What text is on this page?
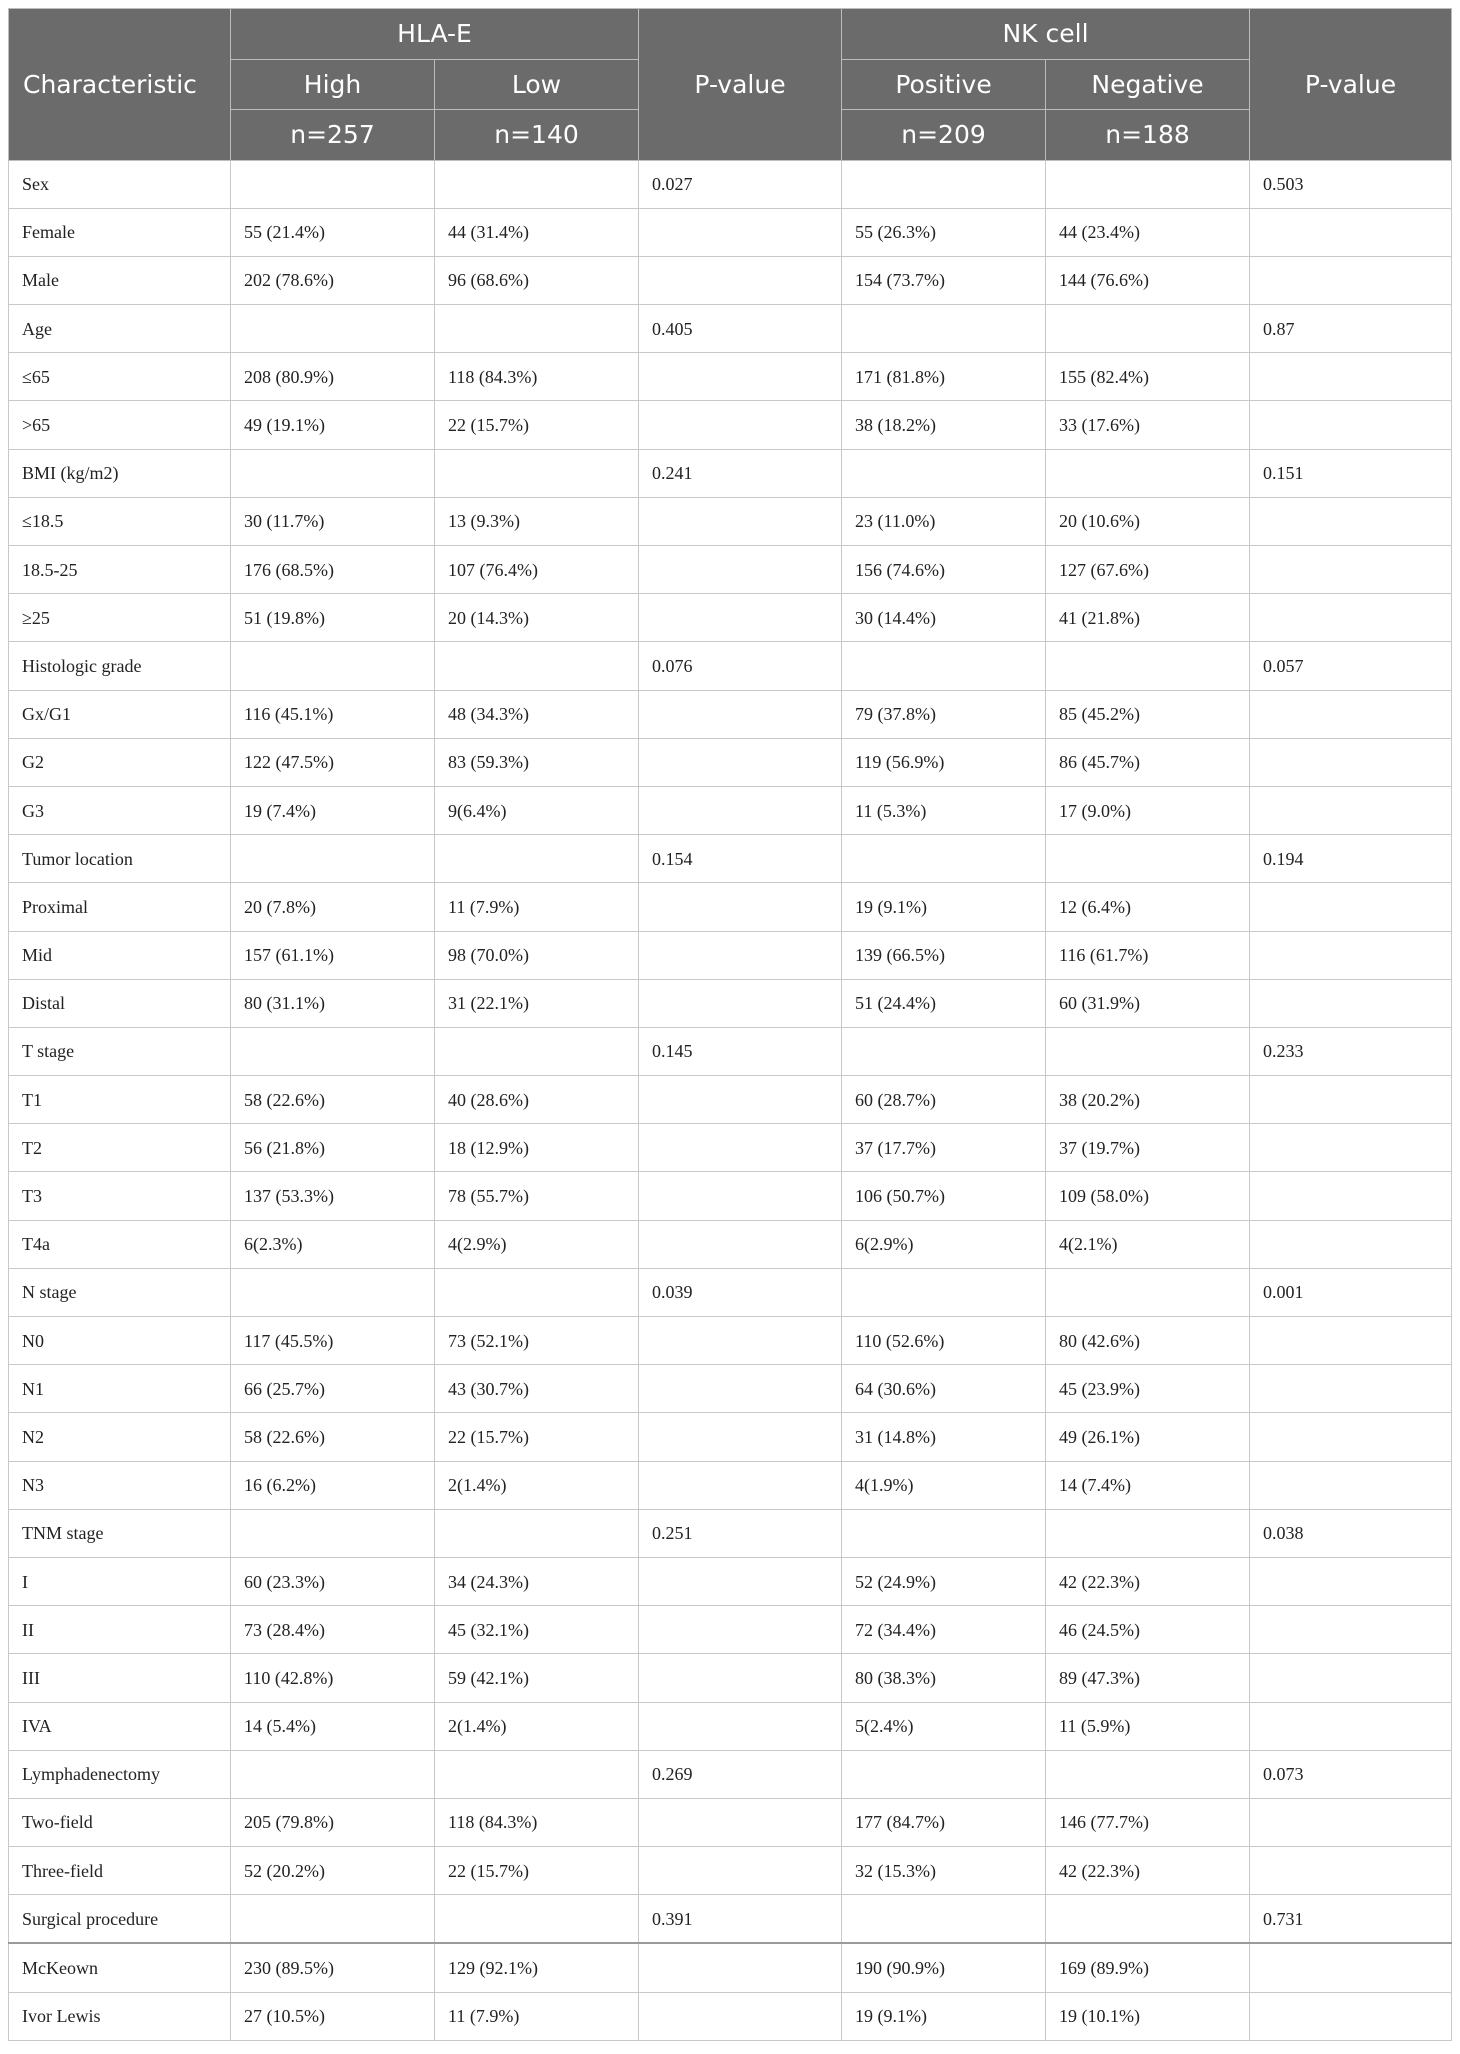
Characteristic	HLA-E		P-value	NK cell		P-value
	High	Low		Positive	Negative	
	n=257	n=140		n=209	n=188	
Sex			0.027			0.503
Female	55 (21.4%)	44 (31.4%)		55 (26.3%)	44 (23.4%)	
Male	202 (78.6%)	96 (68.6%)		154 (73.7%)	144 (76.6%)	
Age			0.405			0.87
≤65	208 (80.9%)	118 (84.3%)		171 (81.8%)	155 (82.4%)	
>65	49 (19.1%)	22 (15.7%)		38 (18.2%)	33 (17.6%)	
BMI (kg/m2)			0.241			0.151
≤18.5	30 (11.7%)	13 (9.3%)		23 (11.0%)	20 (10.6%)	
18.5-25	176 (68.5%)	107 (76.4%)		156 (74.6%)	127 (67.6%)	
≥25	51 (19.8%)	20 (14.3%)		30 (14.4%)	41 (21.8%)	
Histologic grade			0.076			0.057
Gx/G1	116 (45.1%)	48 (34.3%)		79 (37.8%)	85 (45.2%)	
G2	122 (47.5%)	83 (59.3%)		119 (56.9%)	86 (45.7%)	
G3	19 (7.4%)	9(6.4%)		11 (5.3%)	17 (9.0%)	
Tumor location			0.154			0.194
Proximal	20 (7.8%)	11 (7.9%)		19 (9.1%)	12 (6.4%)	
Mid	157 (61.1%)	98 (70.0%)		139 (66.5%)	116 (61.7%)	
Distal	80 (31.1%)	31 (22.1%)		51 (24.4%)	60 (31.9%)	
T stage			0.145			0.233
T1	58 (22.6%)	40 (28.6%)		60 (28.7%)	38 (20.2%)	
T2	56 (21.8%)	18 (12.9%)		37 (17.7%)	37 (19.7%)	
T3	137 (53.3%)	78 (55.7%)		106 (50.7%)	109 (58.0%)	
T4a	6(2.3%)	4(2.9%)		6(2.9%)	4(2.1%)	
N stage			0.039			0.001
N0	117 (45.5%)	73 (52.1%)		110 (52.6%)	80 (42.6%)	
N1	66 (25.7%)	43 (30.7%)		64 (30.6%)	45 (23.9%)	
N2	58 (22.6%)	22 (15.7%)		31 (14.8%)	49 (26.1%)	
N3	16 (6.2%)	2(1.4%)		4(1.9%)	14 (7.4%)	
TNM stage			0.251			0.038
I	60 (23.3%)	34 (24.3%)		52 (24.9%)	42 (22.3%)	
II	73 (28.4%)	45 (32.1%)		72 (34.4%)	46 (24.5%)	
III	110 (42.8%)	59 (42.1%)		80 (38.3%)	89 (47.3%)	
IVA	14 (5.4%)	2(1.4%)		5(2.4%)	11 (5.9%)	
Lymphadenectomy			0.269			0.073
Two-field	205 (79.8%)	118 (84.3%)		177 (84.7%)	146 (77.7%)	
Three-field	52 (20.2%)	22 (15.7%)		32 (15.3%)	42 (22.3%)	
Surgical procedure			0.391			0.731
McKeown	230 (89.5%)	129 (92.1%)		190 (90.9%)	169 (89.9%)	
Ivor Lewis	27 (10.5%)	11 (7.9%)		19 (9.1%)	19 (10.1%)	
